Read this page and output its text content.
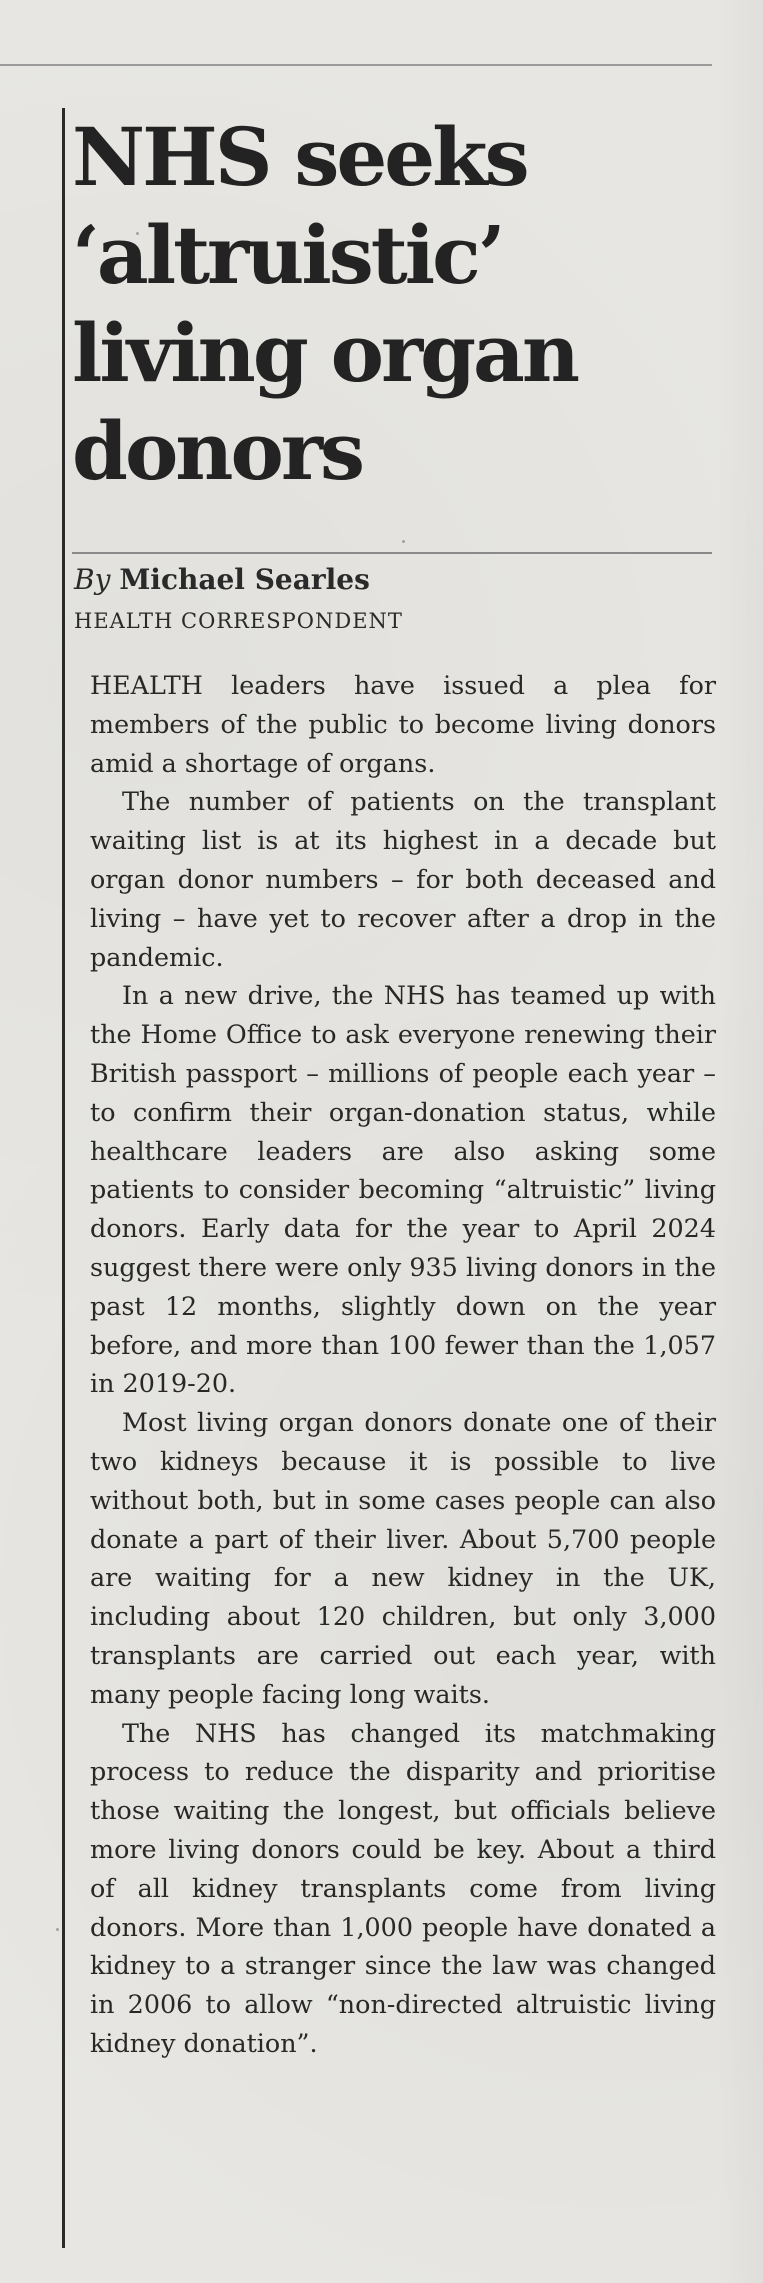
NHS seeks ‘altruistic’ living organ donors
By Michael Searles
HEALTH CORRESPONDENT

HEALTH leaders have issued a plea for members of the public to become living donors amid a shortage of organs.

The number of patients on the transplant waiting list is at its highest in a decade but organ donor numbers – for both deceased and living – have yet to recover after a drop in the pandemic.

In a new drive, the NHS has teamed up with the Home Office to ask everyone renewing their British passport – millions of people each year – to confirm their organ-donation status, while healthcare leaders are also asking some patients to consider becoming “altruistic” living donors. Early data for the year to April 2024 suggest there were only 935 living donors in the past 12 months, slightly down on the year before, and more than 100 fewer than the 1,057 in 2019-20.

Most living organ donors donate one of their two kidneys because it is possible to live without both, but in some cases people can also donate a part of their liver. About 5,700 people are waiting for a new kidney in the UK, including about 120 children, but only 3,000 transplants are carried out each year, with many people facing long waits.

The NHS has changed its matchmaking process to reduce the disparity and prioritise those waiting the longest, but officials believe more living donors could be key. About a third of all kidney transplants come from living donors. More than 1,000 people have donated a kidney to a stranger since the law was changed in 2006 to allow “non-directed altruistic living kidney donation”.
